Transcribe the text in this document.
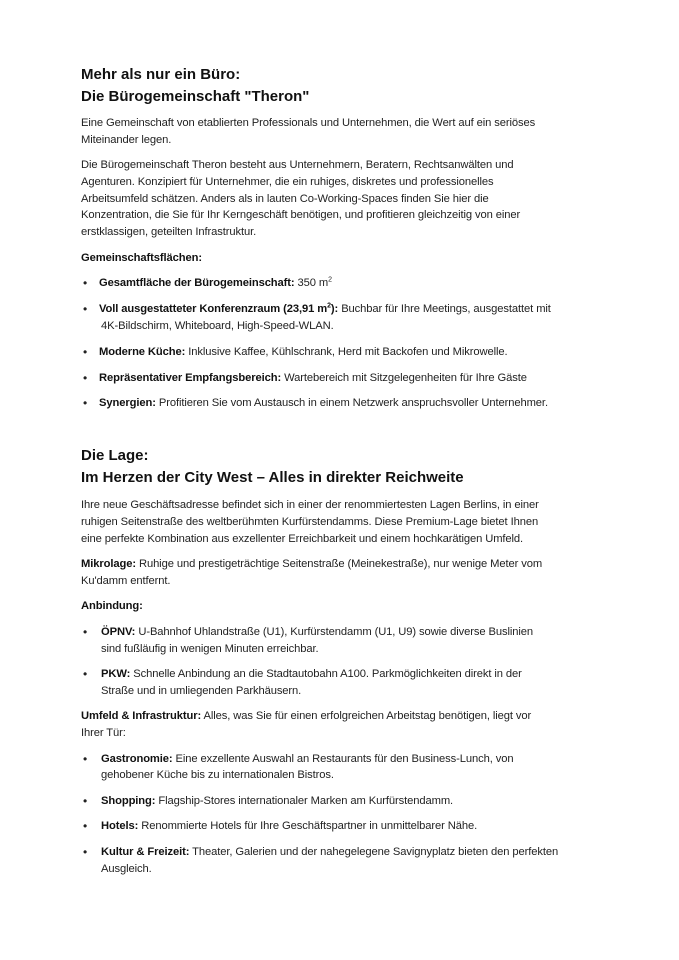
Mehr als nur ein Büro:
Die Bürogemeinschaft "Theron"
Eine Gemeinschaft von etablierten Professionals und Unternehmen, die Wert auf ein seriöses
Miteinander legen.
Die Bürogemeinschaft Theron besteht aus Unternehmern, Beratern, Rechtsanwälten und
Agenturen. Konzipiert für Unternehmer, die ein ruhiges, diskretes und professionelles
Arbeitsumfeld schätzen. Anders als in lauten Co-Working-Spaces finden Sie hier die
Konzentration, die Sie für Ihr Kerngeschäft benötigen, und profitieren gleichzeitig von einer
erstklassigen, geteilten Infrastruktur.
Gemeinschaftsflächen:
• Gesamtfläche der Bürogemeinschaft: 350 $m^2$
• Voll ausgestatteter Konferenzraum (23,91 $m^2$): Buchbar für Ihre Meetings, ausgestattet mit
4K-Bildschirm, Whiteboard, High-Speed-WLAN.
• Moderne Küche: Inklusive Kaffee, Kühlschrank, Herd mit Backofen und Mikrowelle.
• Repräsentativer Empfangsbereich: Wartebereich mit Sitzgelegenheiten für Ihre Gäste
• Synergien: Profitieren Sie vom Austausch in einem Netzwerk anspruchsvoller Unternehmer.
Die Lage:
Im Herzen der City West – Alles in direkter Reichweite
Ihre neue Geschäftsadresse befindet sich in einer der renommiertesten Lagen Berlins, in einer
ruhigen Seitenstraße des weltberühmten Kurfürstendamms. Diese Premium-Lage bietet Ihnen
eine perfekte Kombination aus exzellenter Erreichbarkeit und einem hochkarätigen Umfeld.
Mikrolage: Ruhige und prestigeträchtige Seitenstraße (Meinekestraße), nur wenige Meter vom
Ku'damm entfernt.
Anbindung:
• ÖPNV: U-Bahnhof Uhlandstraße (U1), Kurfürstendamm (U1, U9) sowie diverse Buslinien
sind fußläufig in wenigen Minuten erreichbar.
• PKW: Schnelle Anbindung an die Stadtautobahn A100. Parkmöglichkeiten direkt in der
Straße und in umliegenden Parkhäusern.
Umfeld & Infrastruktur: Alles, was Sie für einen erfolgreichen Arbeitstag benötigen, liegt vor
Ihrer Tür:
• Gastronomie: Eine exzellente Auswahl an Restaurants für den Business-Lunch, von
gehobener Küche bis zu internationalen Bistros.
• Shopping: Flagship-Stores internationaler Marken am Kurfürstendamm.
• Hotels: Renommierte Hotels für Ihre Geschäftspartner in unmittelbarer Nähe.
• Kultur & Freizeit: Theater, Galerien und der nahegelegene Savignyplatz bieten den perfekten
Ausgleich.
